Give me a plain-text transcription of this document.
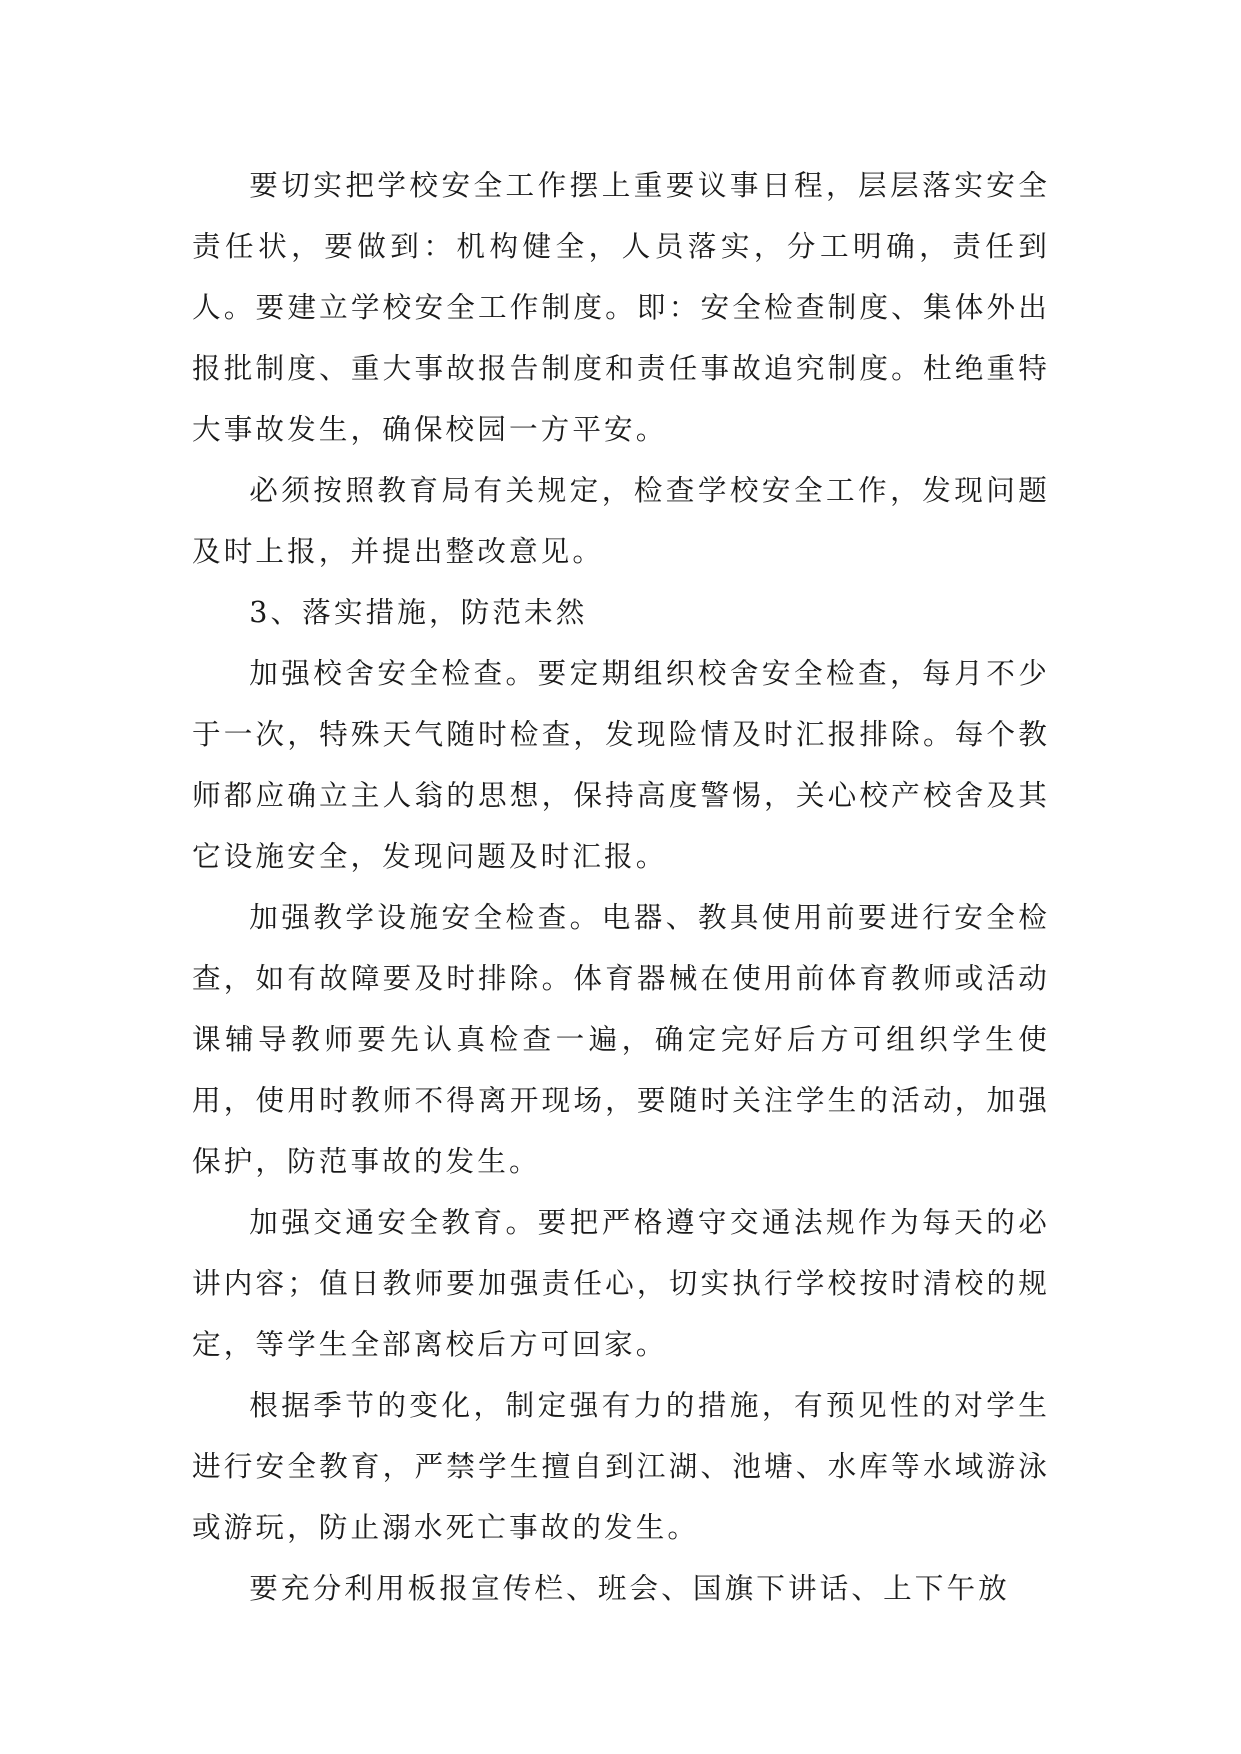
要切实把学校安全工作摆上重要议事日程，层层落实安全责任状，要做到：机构健全，人员落实，分工明确，责任到人。要建立学校安全工作制度。即：安全检查制度、集体外出报批制度、重大事故报告制度和责任事故追究制度。杜绝重特大事故发生，确保校园一方平安。

必须按照教育局有关规定，检查学校安全工作，发现问题及时上报，并提出整改意见。

3、落实措施，防范未然

加强校舍安全检查。要定期组织校舍安全检查，每月不少于一次，特殊天气随时检查，发现险情及时汇报排除。每个教师都应确立主人翁的思想，保持高度警惕，关心校产校舍及其它设施安全，发现问题及时汇报。

加强教学设施安全检查。电器、教具使用前要进行安全检查，如有故障要及时排除。体育器械在使用前体育教师或活动课辅导教师要先认真检查一遍，确定完好后方可组织学生使用，使用时教师不得离开现场，要随时关注学生的活动，加强保护，防范事故的发生。

加强交通安全教育。要把严格遵守交通法规作为每天的必讲内容；值日教师要加强责任心，切实执行学校按时清校的规定，等学生全部离校后方可回家。

根据季节的变化，制定强有力的措施，有预见性的对学生进行安全教育，严禁学生擅自到江湖、池塘、水库等水域游泳或游玩，防止溺水死亡事故的发生。

要充分利用板报宣传栏、班会、国旗下讲话、上下午放
